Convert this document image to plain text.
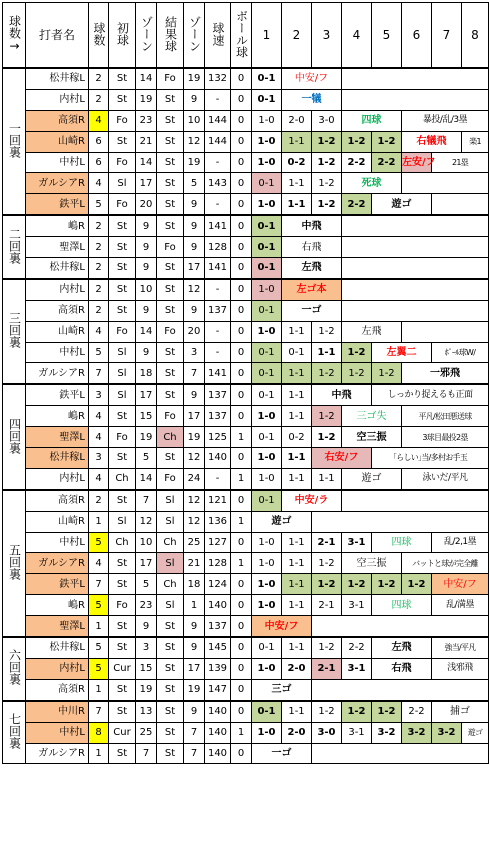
球数→	打者名	球数	初球	ゾーン	結果球	ゾーン	球速	ボール球	1	2	3	4	5	6	7	8	
一回裏	松井稼L	2	St	14	Fo	19	132	0	0-1	中安/フ		
	内村L	2	St	19	St	9	-	0	0-1	一犠		
	高須R	4	Fo	23	St	10	144	0	1-0	2-0	3-0	四球		暴投/乱/3塁			
	山崎R	6	St	21	St	12	144	0	1-0	1-1	1-2	1-2	1-2	右犠飛		楽1	
	中村L	6	Fo	14	St	19	-	0	1-0	0-2	1-2	2-2	2-2	左安/フ	21塁		
	ガルシアR	4	Sl	17	St	5	143	0	0-1	1-1	1-2	死球		
	鉄平L	5	Fo	20	St	9	-	0	1-0	1-1	1-2	2-2	遊ゴ		
二回裏	嶋R	2	St	9	St	9	141	0	0-1	中飛		
	聖澤L	2	St	9	Fo	9	128	0	0-1	右飛		
	松井稼L	2	St	9	St	17	141	0	0-1	左飛		
三回裏	内村L	2	St	10	St	12	-	0	1-0	左ゴ本		
	高須R	2	St	9	St	9	137	0	0-1	一ゴ		
	山崎R	4	Fo	14	Fo	20	-	0	1-0	1-1	1-2	左飛		
	中村L	5	Sl	9	St	3	-	0	0-1	0-1	1-1	1-2	左翼二		ﾎﾟｰﾙ球W/		
	ガルシアR	7	Sl	18	St	7	141	0	0-1	1-1	1-2	1-2	1-2	一邪飛			
四回裏	鉄平L	3	Sl	17	St	9	137	0	0-1	1-1	中飛		しっかり捉えるも正面				
	嶋R	4	St	15	Fo	17	137	0	1-0	1-1	1-2	三ゴ失		平凡/松田悪送球			
	聖澤L	4	Fo	19	Ch	19	125	1	0-1	0-2	1-2	空三振		3球目最投2塁			
	松井稼L	3	St	5	St	12	140	0	1-0	1-1	右安/フ		｢らしい｣当/多村お手玉				
	内村L	4	Ch	14	Fo	24	-	1	1-0	1-1	1-1	遊ゴ		泳いだ/平凡			
五回裏	高須R	2	St	7	Sl	12	121	0	0-1	中安/ラ		
	山崎R	1	Sl	12	Sl	12	136	1	遊ゴ		
	中村L	5	Ch	10	Ch	25	127	0	1-0	1-1	2-1	3-1	四球		乱/2,1塁		
	ガルシアR	4	St	17	Sl	21	128	1	1-0	1-1	1-2	空三振		バットと球が完全離			
	鉄平L	7	St	5	Ch	18	124	0	1-0	1-1	1-2	1-2	1-2	1-2	中安/フ		
	嶋R	5	Fo	23	Sl	1	140	0	1-0	1-1	2-1	3-1	四球		乱/満塁		
	聖澤L	1	St	9	St	9	137	0	中安/フ		
六回裏	松井稼L	5	St	3	St	9	145	0	0-1	1-1	1-2	2-2	左飛		強当/平凡		
	内村L	5	Cur	15	St	17	139	0	1-0	2-0	2-1	3-1	右飛		浅邪飛		
	高須R	1	St	19	St	19	147	0	三ゴ		
七回裏	中川R	7	St	13	St	9	140	0	0-1	1-1	1-2	1-2	1-2	2-2	捕ゴ		
	中村L	8	Cur	25	St	7	140	1	1-0	2-0	3-0	3-1	3-2	3-2	3-2	遊ゴ	
	ガルシアR	1	St	7	St	7	140	0	一ゴ		
